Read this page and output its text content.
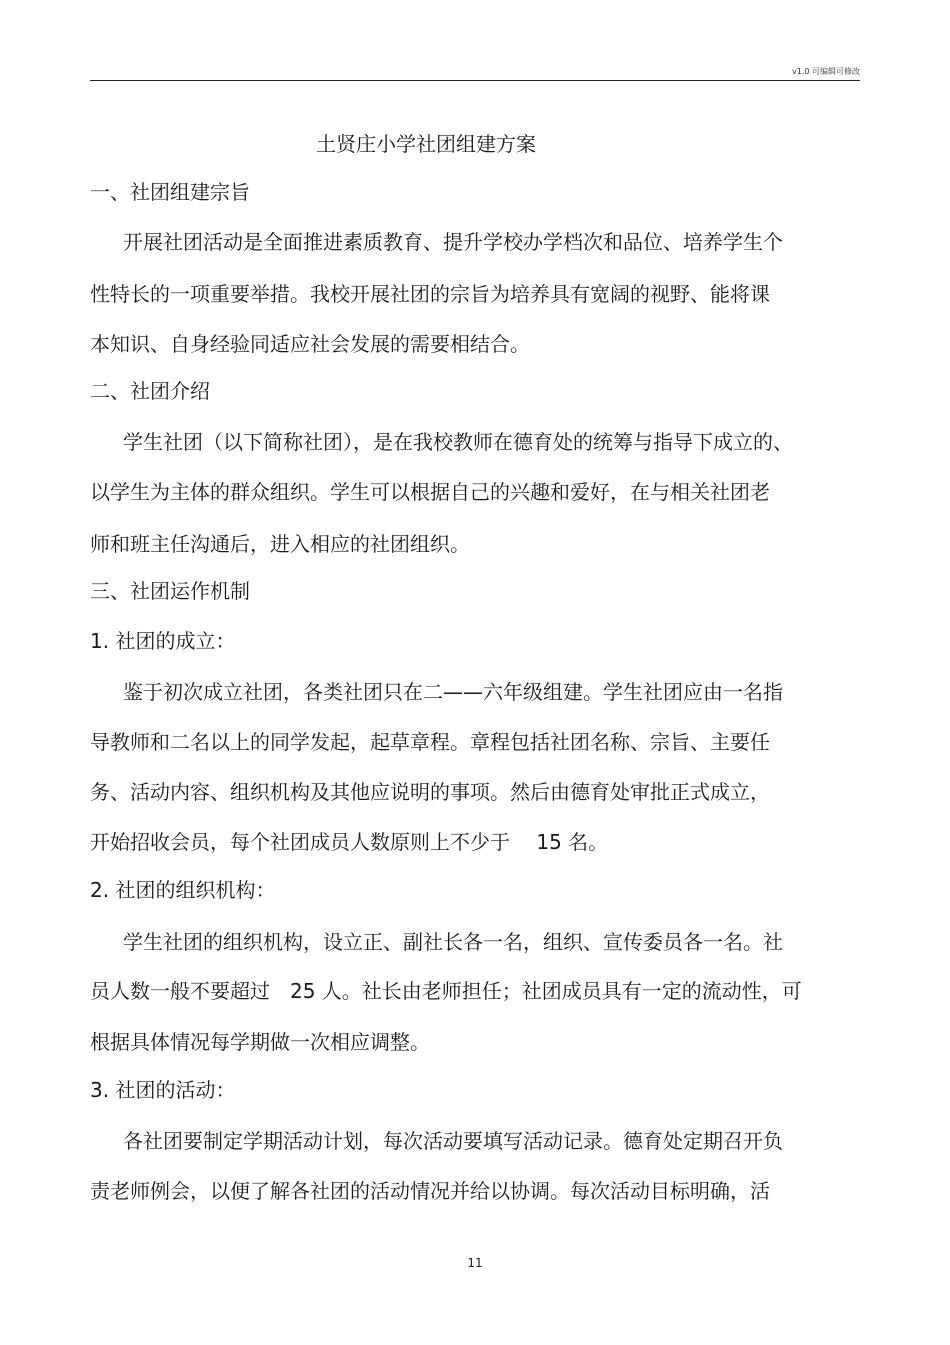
v1.0 可编辑可修改
土贤庄小学社团组建方案
一、社团组建宗旨
开展社团活动是全面推进素质教育、提升学校办学档次和品位、培养学生个
性特长的一项重要举措。我校开展社团的宗旨为培养具有宽阔的视野、能将课
本知识、自身经验同适应社会发展的需要相结合。
二、社团介绍
学生社团（以下简称社团），是在我校教师在德育处的统筹与指导下成立的、
以学生为主体的群众组织。学生可以根据自己的兴趣和爱好，在与相关社团老
师和班主任沟通后，进入相应的社团组织。
三、社团运作机制
1. 社团的成立：
鉴于初次成立社团，各类社团只在二——六年级组建。学生社团应由一名指
导教师和二名以上的同学发起，起草章程。章程包括社团名称、宗旨、主要任
务、活动内容、组织机构及其他应说明的事项。然后由德育处审批正式成立，
开始招收会员，每个社团成员人数原则上不少于　 15 名。
2. 社团的组织机构：
学生社团的组织机构，设立正、副社长各一名，组织、宣传委员各一名。社
员人数一般不要超过　25 人。社长由老师担任；社团成员具有一定的流动性，可
根据具体情况每学期做一次相应调整。
3. 社团的活动：
各社团要制定学期活动计划，每次活动要填写活动记录。德育处定期召开负
责老师例会，以便了解各社团的活动情况并给以协调。每次活动目标明确，活
11
